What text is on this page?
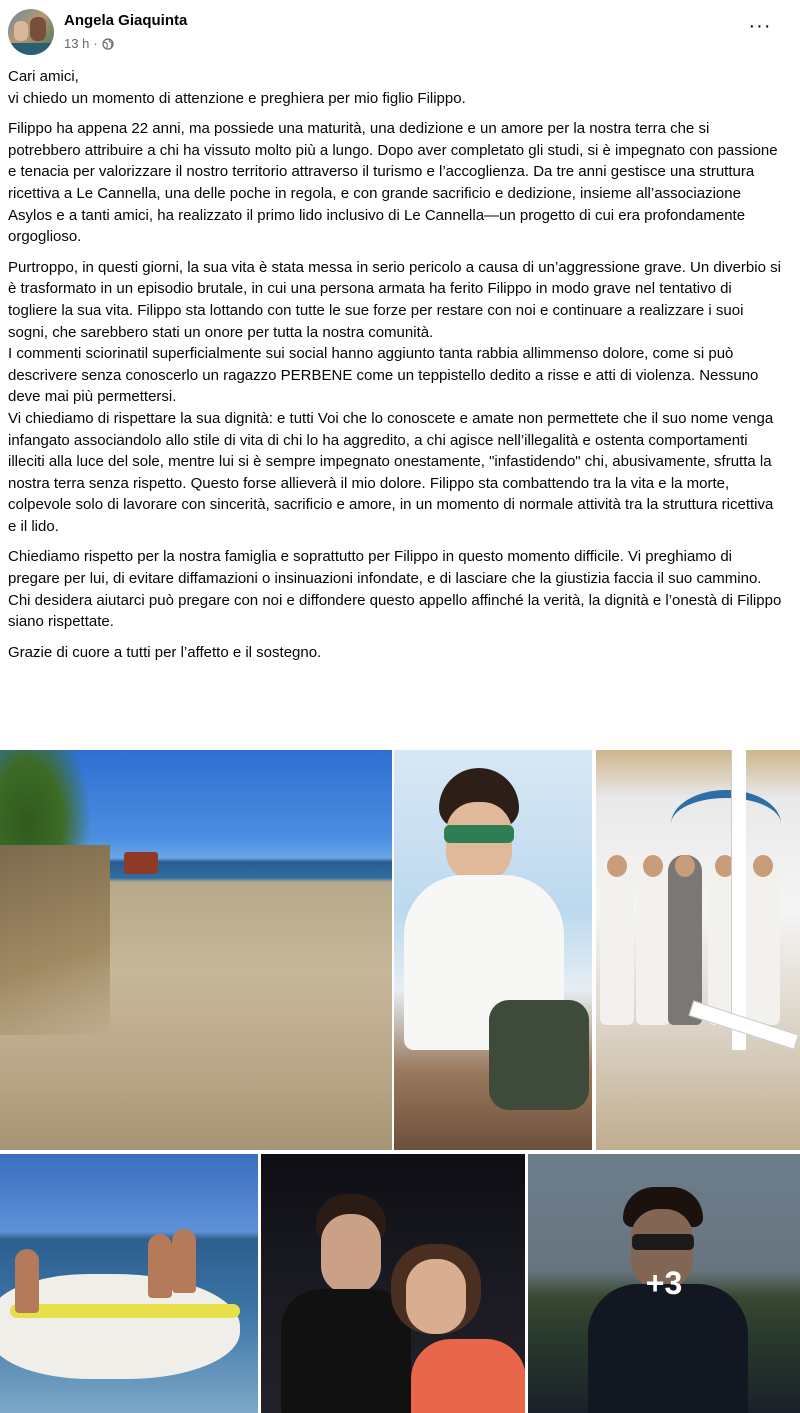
Angela Giaquinta
13 h ·
···

Cari amici,

vi chiedo un momento di attenzione e preghiera per mio figlio Filippo.

Filippo ha appena 22 anni, ma possiede una maturità, una dedizione e un amore per la nostra terra che si potrebbero attribuire a chi ha vissuto molto più a lungo. Dopo aver completato gli studi, si è impegnato con passione e tenacia per valorizzare il nostro territorio attraverso il turismo e l’accoglienza. Da tre anni gestisce una struttura ricettiva a Le Cannella, una delle poche in regola, e con grande sacrificio e dedizione, insieme all’associazione Asylos e a tanti amici, ha realizzato il primo lido inclusivo di Le Cannella—un progetto di cui era profondamente orgoglioso.

Purtroppo, in questi giorni, la sua vita è stata messa in serio pericolo a causa di un’aggressione grave. Un diverbio si è trasformato in un episodio brutale, in cui una persona armata ha ferito Filippo in modo grave nel tentativo di togliere la sua vita. Filippo sta lottando con tutte le sue forze per restare con noi e continuare a realizzare i suoi sogni, che sarebbero stati un onore per tutta la nostra comunità.

I commenti sciorinatil superficialmente sui social hanno aggiunto tanta rabbia allimmenso dolore, come si può descrivere senza conoscerlo un ragazzo PERBENE come un teppistello dedito a risse e atti di violenza. Nessuno deve mai più permettersi.

Vi chiediamo di rispettare la sua dignità: e tutti Voi che lo conoscete e amate non permettete che il suo nome venga infangato associandolo allo stile di vita di chi lo ha aggredito, a chi agisce nell’illegalità e ostenta comportamenti illeciti alla luce del sole, mentre lui si è sempre impegnato onestamente, "infastidendo" chi, abusivamente, sfrutta la nostra terra senza rispetto. Questo forse allieverà il mio dolore. Filippo sta combattendo tra la vita e la morte, colpevole solo di lavorare con sincerità, sacrificio e amore, in un momento di normale attività tra la struttura ricettiva e il lido.

Chiediamo rispetto per la nostra famiglia e soprattutto per Filippo in questo momento difficile. Vi preghiamo di pregare per lui, di evitare diffamazioni o insinuazioni infondate, e di lasciare che la giustizia faccia il suo cammino. Chi desidera aiutarci può pregare con noi e diffondere questo appello affinché la verità, la dignità e l’onestà di Filippo siano rispettate.

Grazie di cuore a tutti per l’affetto e il sostegno.

+3
